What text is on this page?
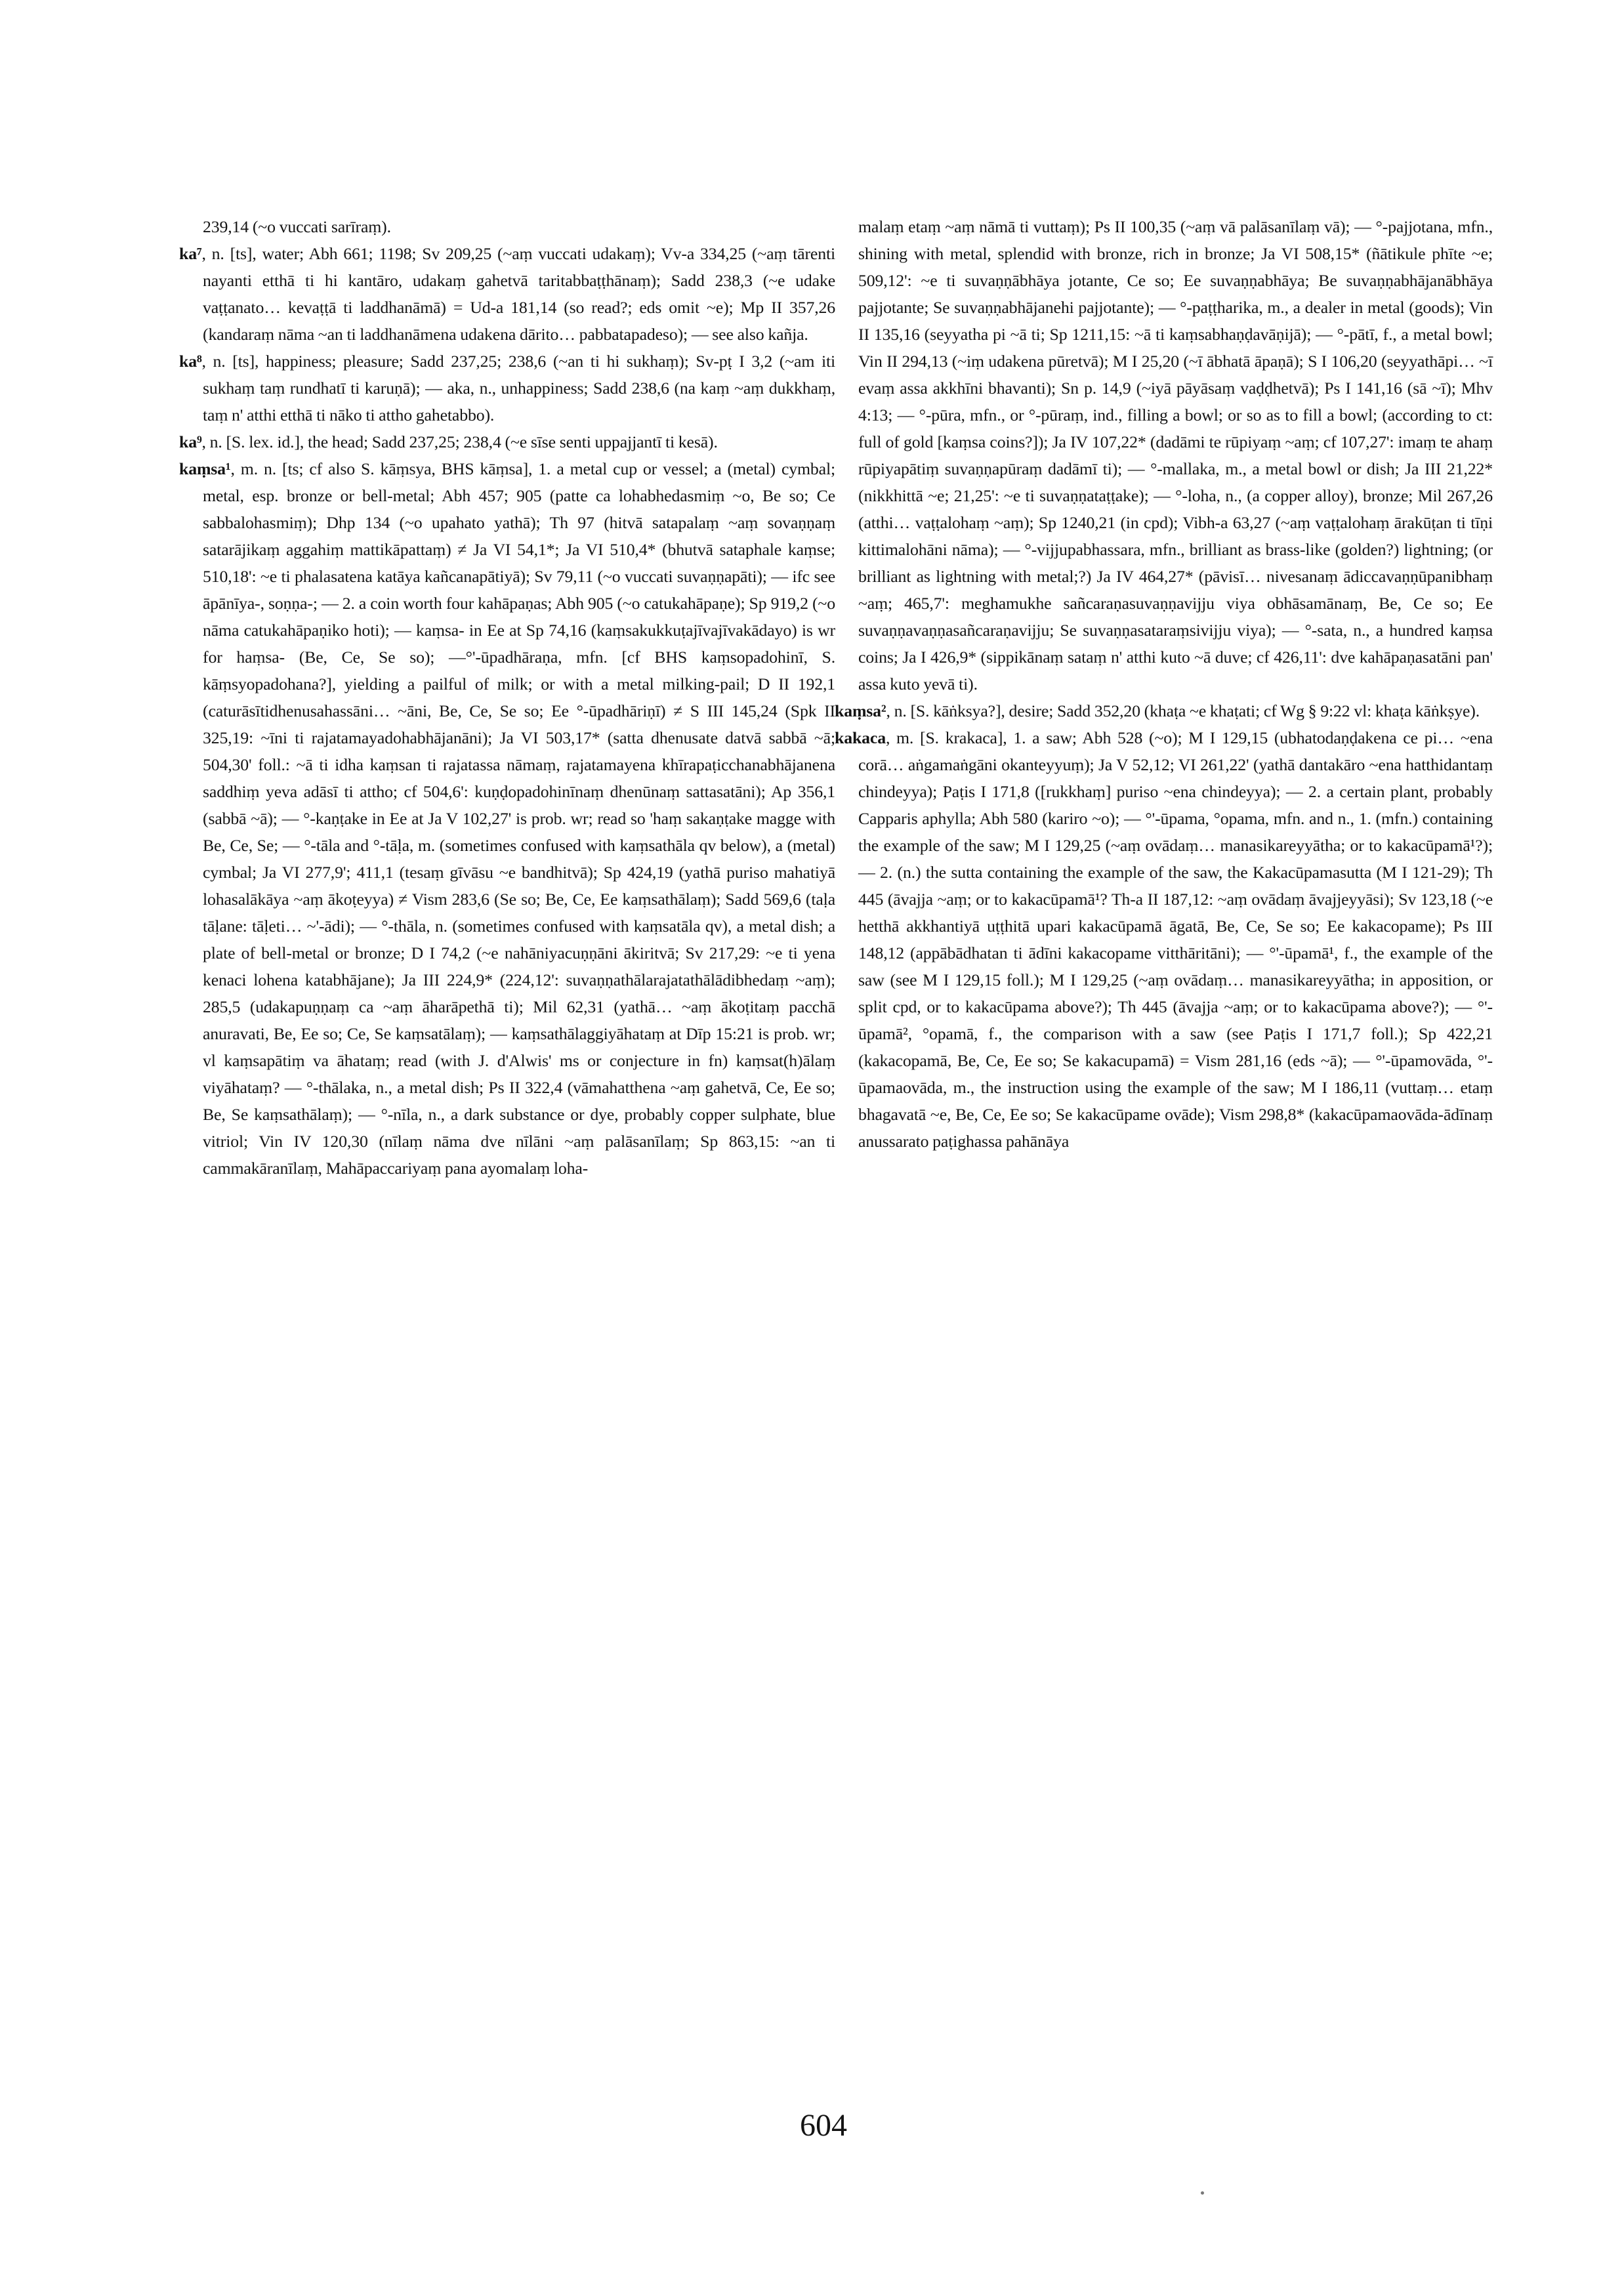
239,14 (~o vuccati sarīraṃ).

ka⁷, n. [ts], water; Abh 661; 1198; Sv 209,25 (~aṃ vuccati udakaṃ); Vv-a 334,25 (~aṃ tārenti nayanti etthā ti hi kantāro, udakaṃ gahetvā taritabbaṭṭhānaṃ); Sadd 238,3 (~e udake vaṭṭanato… kevaṭṭā ti laddhanāmā) = Ud-a 181,14 (so read?; eds omit ~e); Mp II 357,26 (kandaraṃ nāma ~an ti laddhanāmena udakena dārito… pabbatapadeso); — see also kañja.

ka⁸, n. [ts], happiness; pleasure; Sadd 237,25; 238,6 (~an ti hi sukhaṃ); Sv-pṭ I 3,2 (~am iti sukhaṃ taṃ rundhatī ti karuṇā); — aka, n., unhappiness; Sadd 238,6 (na kaṃ ~aṃ dukkhaṃ, taṃ n' atthi etthā ti nāko ti attho gahetabbo).

ka⁹, n. [S. lex. id.], the head; Sadd 237,25; 238,4 (~e sīse senti uppajjantī ti kesā).

kaṃsa¹, m. n. [ts; cf also S. kāṃsya, BHS kāṃsa], 1. a metal cup or vessel; a (metal) cymbal; metal, esp. bronze or bell-metal; Abh 457; 905 (patte ca lohabhedasmiṃ ~o, Be so; Ce sabbalohasmiṃ); Dhp 134 (~o upahato yathā); Th 97 (hitvā satapalaṃ ~aṃ sovaṇṇaṃ satarājikaṃ aggahiṃ mattikāpattaṃ) ≠ Ja VI 54,1*; Ja VI 510,4* (bhutvā sataphale kaṃse; 510,18': ~e ti phalasatena katāya kañcanapātiyā); Sv 79,11 (~o vuccati suvaṇṇapāti); — ifc see āpānīya-, soṇṇa-; — 2. a coin worth four kahāpaṇas; Abh 905 (~o catukahāpaṇe); Sp 919,2 (~o nāma catukahāpaṇiko hoti); — kaṃsa- in Ee at Sp 74,16 (kaṃsakukkuṭajīvajīvakādayo) is wr for haṃsa- (Be, Ce, Se so); —°'-ūpadhāraṇa, mfn. [cf BHS kaṃsopadohinī, S. kāṃsyopadohana?], yielding a pailful of milk; or with a metal milking-pail; D II 192,1 (caturāsītidhenusahassāni… ~āni, Be, Ce, Se so; Ee °-ūpadhāriṇī) ≠ S III 145,24 (Spk II 325,19: ~īni ti rajatamayadohabhājanāni); Ja VI 503,17* (satta dhenusate datvā sabbā ~ā; 504,30' foll.: ~ā ti idha kaṃsan ti rajatassa nāmaṃ, rajatamayena khīrapaṭicchanabhājanena saddhiṃ yeva adāsī ti attho; cf 504,6': kuṇḍopadohinīnaṃ dhenūnaṃ sattasatāni); Ap 356,1 (sabbā ~ā); — °-kaṇṭake in Ee at Ja V 102,27' is prob. wr; read so 'haṃ sakaṇṭake magge with Be, Ce, Se; — °-tāla and °-tāḷa, m. (sometimes confused with kaṃsathāla qv below), a (metal) cymbal; Ja VI 277,9'; 411,1 (tesaṃ gīvāsu ~e bandhitvā); Sp 424,19 (yathā puriso mahatiyā lohasalākāya ~aṃ ākoṭeyya) ≠ Vism 283,6 (Se so; Be, Ce, Ee kaṃsathālaṃ); Sadd 569,6 (taḷa tāḷane: tāḷeti… ~'-ādi); — °-thāla, n. (sometimes confused with kaṃsatāla qv), a metal dish; a plate of bell-metal or bronze; D I 74,2 (~e nahāniyacuṇṇāni ākiritvā; Sv 217,29: ~e ti yena kenaci lohena katabhājane); Ja III 224,9* (224,12': suvaṇṇathālarajatathālādibhedaṃ ~aṃ); 285,5 (udakapuṇṇaṃ ca ~aṃ āharāpethā ti); Mil 62,31 (yathā… ~aṃ ākoṭitaṃ pacchā anuravati, Be, Ee so; Ce, Se kaṃsatālaṃ); — kaṃsathālaggiyāhataṃ at Dīp 15:21 is prob. wr; vl kaṃsapātiṃ va āhataṃ; read (with J. d'Alwis' ms or conjecture in fn) kaṃsat(h)ālaṃ viyāhataṃ? — °-thālaka, n., a metal dish; Ps II 322,4 (vāmahatthena ~aṃ gahetvā, Ce, Ee so; Be, Se kaṃsathālaṃ); — °-nīla, n., a dark substance or dye, probably copper sulphate, blue vitriol; Vin IV 120,30 (nīlaṃ nāma dve nīlāni ~aṃ palāsanīlaṃ; Sp 863,15: ~an ti cammakāranīlaṃ, Mahāpaccariyaṃ pana ayomalaṃ loha-

malaṃ etaṃ ~aṃ nāmā ti vuttaṃ); Ps II 100,35 (~aṃ vā palāsanīlaṃ vā); — °-pajjotana, mfn., shining with metal, splendid with bronze, rich in bronze; Ja VI 508,15* (ñātikule phīte ~e; 509,12': ~e ti suvaṇṇābhāya jotante, Ce so; Ee suvaṇṇabhāya; Be suvaṇṇabhājanābhāya pajjotante; Se suvaṇṇabhājanehi pajjotante); — °-paṭṭharika, m., a dealer in metal (goods); Vin II 135,16 (seyyatha pi ~ā ti; Sp 1211,15: ~ā ti kaṃsabhaṇḍavāṇijā); — °-pātī, f., a metal bowl; Vin II 294,13 (~iṃ udakena pūretvā); M I 25,20 (~ī ābhatā āpaṇā); S I 106,20 (seyyathāpi… ~ī evaṃ assa akkhīni bhavanti); Sn p. 14,9 (~iyā pāyāsaṃ vaḍḍhetvā); Ps I 141,16 (sā ~ī); Mhv 4:13; — °-pūra, mfn., or °-pūraṃ, ind., filling a bowl; or so as to fill a bowl; (according to ct: full of gold [kaṃsa coins?]); Ja IV 107,22* (dadāmi te rūpiyaṃ ~aṃ; cf 107,27': imaṃ te ahaṃ rūpiyapātiṃ suvaṇṇapūraṃ dadāmī ti); — °-mallaka, m., a metal bowl or dish; Ja III 21,22* (nikkhittā ~e; 21,25': ~e ti suvaṇṇataṭṭake); — °-loha, n., (a copper alloy), bronze; Mil 267,26 (atthi… vaṭṭalohaṃ ~aṃ); Sp 1240,21 (in cpd); Vibh-a 63,27 (~aṃ vaṭṭalohaṃ ārakūṭan ti tīṇi kittimalohāni nāma); — °-vijjupabhassara, mfn., brilliant as brass-like (golden?) lightning; (or brilliant as lightning with metal;?) Ja IV 464,27* (pāvisī… nivesanaṃ ādiccavaṇṇūpanibhaṃ ~aṃ; 465,7': meghamukhe sañcaraṇasuvaṇṇavijju viya obhāsamānaṃ, Be, Ce so; Ee suvaṇṇavaṇṇasañcaraṇavijju; Se suvaṇṇasataraṃsivijju viya); — °-sata, n., a hundred kaṃsa coins; Ja I 426,9* (sippikānaṃ sataṃ n' atthi kuto ~ā duve; cf 426,11': dve kahāpaṇasatāni pan' assa kuto yevā ti).

kaṃsa², n. [S. kāṅksya?], desire; Sadd 352,20 (khaṭa ~e khaṭati; cf Wg § 9:22 vl: khaṭa kāṅkṣye).

kakaca, m. [S. krakaca], 1. a saw; Abh 528 (~o); M I 129,15 (ubhatodaṇḍakena ce pi… ~ena corā… aṅgamaṅgāni okanteyyuṃ); Ja V 52,12; VI 261,22' (yathā dantakāro ~ena hatthidantaṃ chindeyya); Paṭis I 171,8 ([rukkhaṃ] puriso ~ena chindeyya); — 2. a certain plant, probably Capparis aphylla; Abh 580 (kariro ~o); — °'-ūpama, °opama, mfn. and n., 1. (mfn.) containing the example of the saw; M I 129,25 (~aṃ ovādaṃ… manasikareyyātha; or to kakacūpamā¹?); — 2. (n.) the sutta containing the example of the saw, the Kakacūpamasutta (M I 121-29); Th 445 (āvajja ~aṃ; or to kakacūpamā¹? Th-a II 187,12: ~aṃ ovādaṃ āvajjeyyāsi); Sv 123,18 (~e hetthā akkhantiyā uṭṭhitā upari kakacūpamā āgatā, Be, Ce, Se so; Ee kakacopame); Ps III 148,12 (appābādhatan ti ādīni kakacopame vitthāritāni); — °'-ūpamā¹, f., the example of the saw (see M I 129,15 foll.); M I 129,25 (~aṃ ovādaṃ… manasikareyyātha; in apposition, or split cpd, or to kakacūpama above?); Th 445 (āvajja ~aṃ; or to kakacūpama above?); — °'-ūpamā², °opamā, f., the comparison with a saw (see Paṭis I 171,7 foll.); Sp 422,21 (kakacopamā, Be, Ce, Ee so; Se kakacupamā) = Vism 281,16 (eds ~ā); — °'-ūpamovāda, °'-ūpamaovāda, m., the instruction using the example of the saw; M I 186,11 (vuttaṃ… etaṃ bhagavatā ~e, Be, Ce, Ee so; Se kakacūpame ovāde); Vism 298,8* (kakacūpamaovāda-ādīnaṃ anussarato paṭighassa pahānāya

604
